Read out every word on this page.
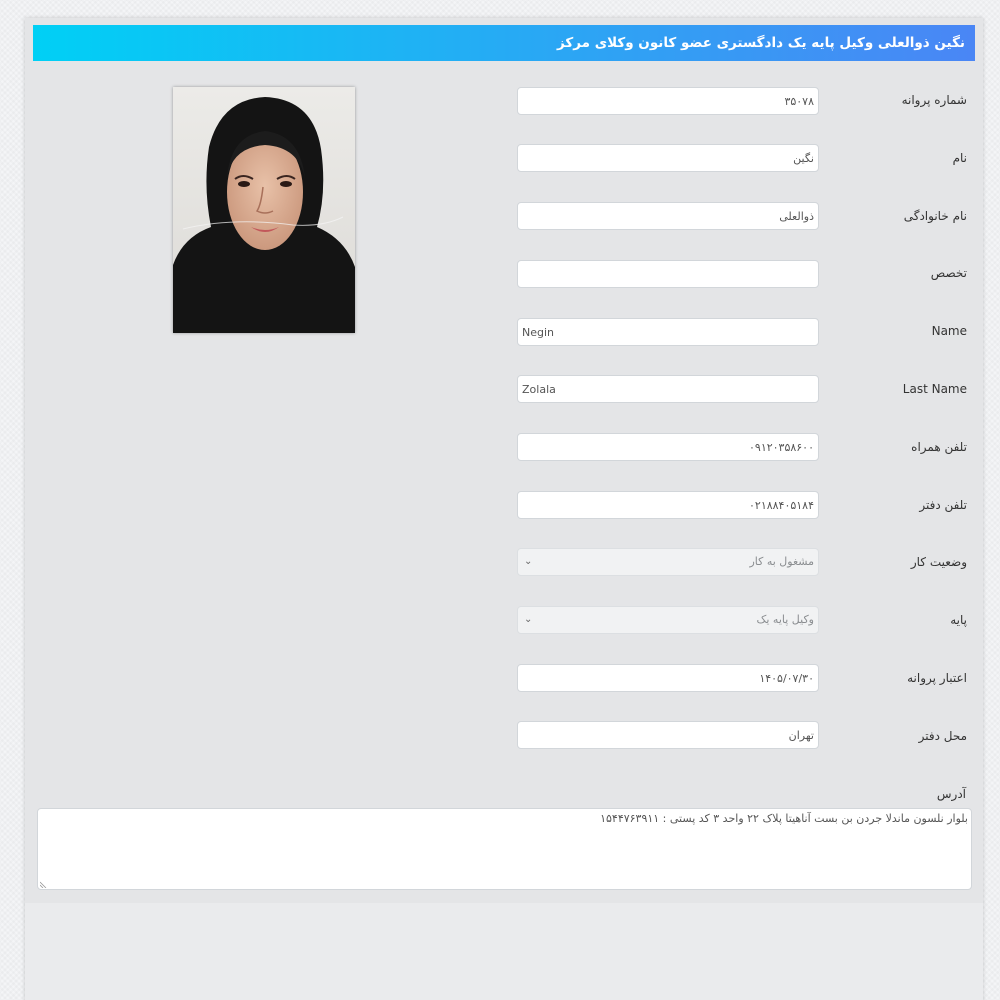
نگین ذوالعلی وکیل پایه یک دادگستری عضو کانون وکلای مرکز
شماره پروانه
۳۵۰۷۸
نام
نگین
نام خانوادگی
ذوالعلی
تخصص
Name
Negin
Last Name
Zolala
تلفن همراه
۰۹۱۲۰۳۵۸۶۰۰
تلفن دفتر
۰۲۱۸۸۴۰۵۱۸۴
وضعیت کار
مشغول به کار
⌄
پایه
وکیل پایه یک
⌄
اعتبار پروانه
۱۴۰۵/۰۷/۳۰
محل دفتر
تهران
آدرس
بلوار نلسون ماندلا جردن بن بست آناهیتا پلاک ۲۲ واحد ۳ کد پستی : ۱۵۴۴۷۶۳۹۱۱
